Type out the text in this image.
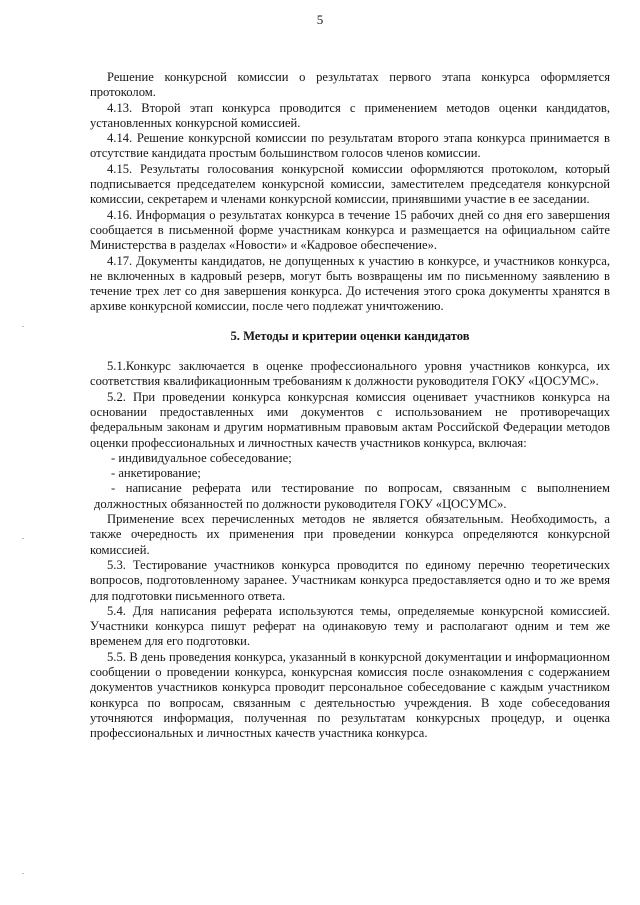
5

Решение конкурсной комиссии о результатах первого этапа конкурса оформляется протоколом.

4.13. Второй этап конкурса проводится с применением методов оценки кандидатов, установленных конкурсной комиссией.

4.14. Решение конкурсной комиссии по результатам второго этапа конкурса принимается в отсутствие кандидата простым большинством голосов членов комиссии.

4.15. Результаты голосования конкурсной комиссии оформляются протоколом, который подписывается председателем конкурсной комиссии, заместителем председателя конкурсной комиссии, секретарем и членами конкурсной комиссии, принявшими участие в ее заседании.

4.16. Информация о результатах конкурса в течение 15 рабочих дней со дня его завершения сообщается в письменной форме участникам конкурса и размещается на официальном сайте Министерства в разделах «Новости» и «Кадровое обеспечение».

4.17. Документы кандидатов, не допущенных к участию в конкурсе, и участников конкурса, не включенных в кадровый резерв, могут быть возвращены им по письменному заявлению в течение трех лет со дня завершения конкурса. До истечения этого срока документы хранятся в архиве конкурсной комиссии, после чего подлежат уничтожению.

5. Методы и критерии оценки кандидатов

5.1.Конкурс заключается в оценке профессионального уровня участников конкурса, их соответствия квалификационным требованиям к должности руководителя ГОКУ «ЦОСУМС».

5.2. При проведении конкурса конкурсная комиссия оценивает участников конкурса на основании предоставленных ими документов с использованием не противоречащих федеральным законам и другим нормативным правовым актам Российской Федерации методов оценки профессиональных и личностных качеств участников конкурса, включая:

- индивидуальное собеседование;

- анкетирование;

- написание реферата или тестирование по вопросам, связанным с выполнением должностных обязанностей по должности руководителя ГОКУ «ЦОСУМС».

Применение всех перечисленных методов не является обязательным. Необходимость, а также очередность их применения при проведении конкурса определяются конкурсной комиссией.

5.3. Тестирование участников конкурса проводится по единому перечню теоретических вопросов, подготовленному заранее. Участникам конкурса предоставляется одно и то же время для подготовки письменного ответа.

5.4. Для написания реферата используются темы, определяемые конкурсной комиссией. Участники конкурса пишут реферат на одинаковую тему и располагают одним и тем же временем для его подготовки.

5.5. В день проведения конкурса, указанный в конкурсной документации и информационном сообщении о проведении конкурса, конкурсная комиссия после ознакомления с содержанием документов участников конкурса проводит персональное собеседование с каждым участником конкурса по вопросам, связанным с деятельностью учреждения. В ходе собеседования уточняются информация, полученная по результатам конкурсных процедур, и оценка профессиональных и личностных качеств участника конкурса.
